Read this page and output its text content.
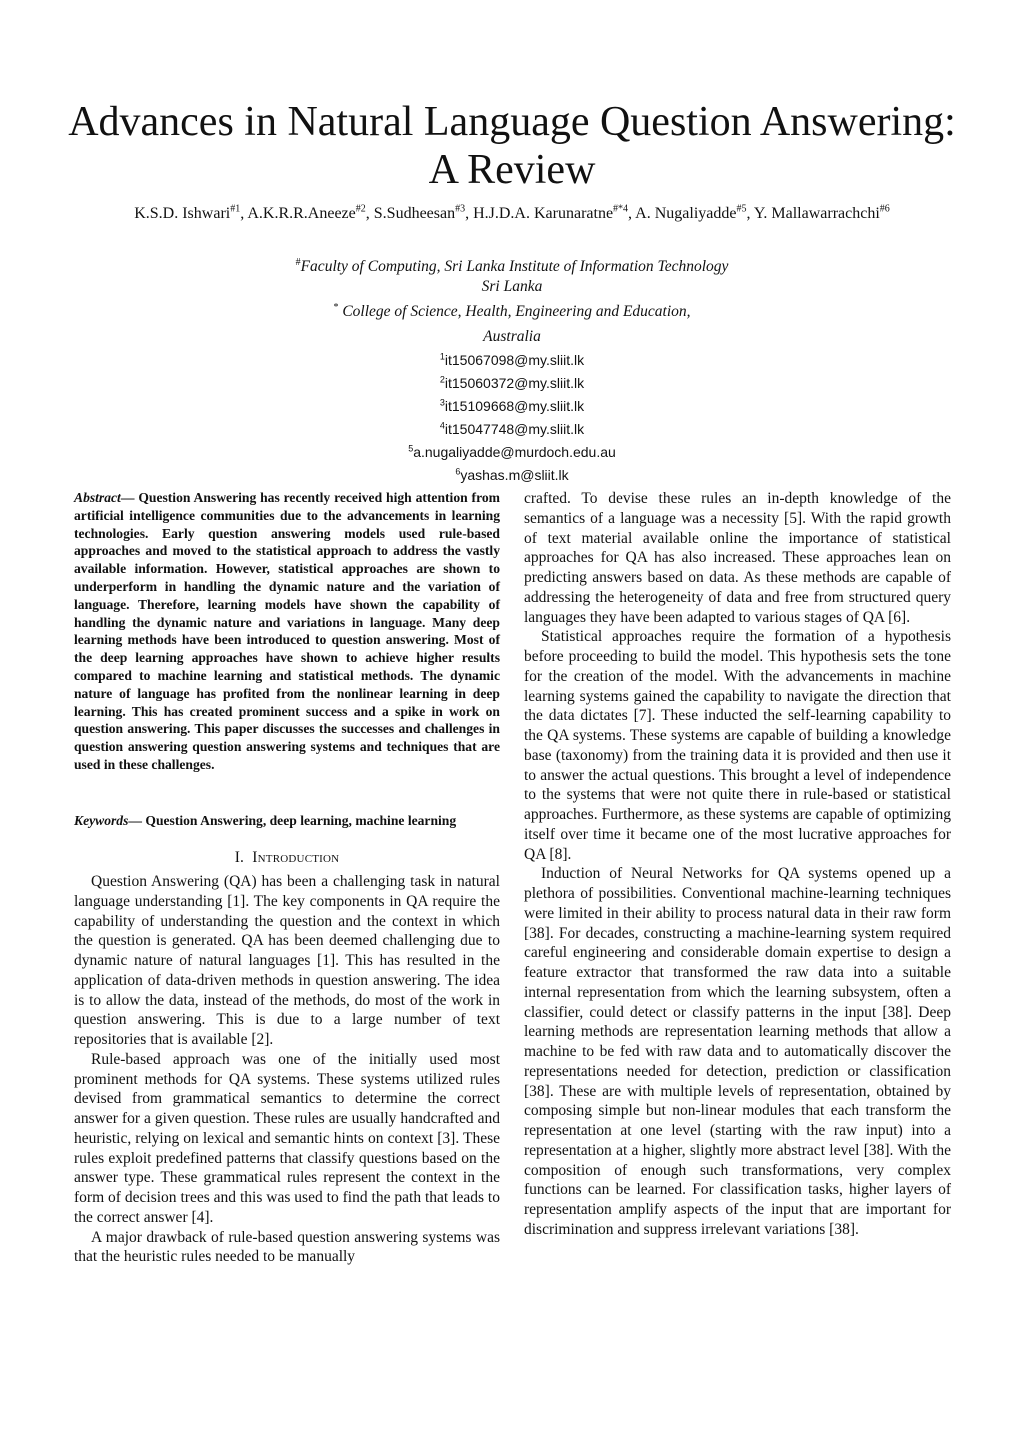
Advances in Natural Language Question Answering:
A Review

K.S.D. Ishwari$^{\#1}$, A.K.R.R.Aneeze$^{\#2}$, S.Sudheesan$^{\#3}$, H.J.D.A. Karunaratne$^{\#*4}$, A. Nugaliyadde$^{\#5}$, Y. Mallawarrachchi$^{\#6}$

#Faculty of Computing, Sri Lanka Institute of Information Technology
Sri Lanka

* College of Science, Health, Engineering and Education,

Australia

$^1$it15067098@my.sliit.lk

$^2$it15060372@my.sliit.lk

$^3$it15109668@my.sliit.lk

$^4$it15047748@my.sliit.lk

$^5$a.nugaliyadde@murdoch.edu.au

$^6$yashas.m@sliit.lk

Abstract— Question Answering has recently received high attention from artificial intelligence communities due to the advancements in learning technologies. Early question answering models used rule-based approaches and moved to the statistical approach to address the vastly available information. However, statistical approaches are shown to underperform in handling the dynamic nature and the variation of language. Therefore, learning models have shown the capability of handling the dynamic nature and variations in language. Many deep learning methods have been introduced to question answering. Most of the deep learning approaches have shown to achieve higher results compared to machine learning and statistical methods. The dynamic nature of language has profited from the nonlinear learning in deep learning. This has created prominent success and a spike in work on question answering. This paper discusses the successes and challenges in question answering question answering systems and techniques that are used in these challenges.

Keywords— Question Answering, deep learning, machine learning

I. Introduction

Question Answering (QA) has been a challenging task in natural language understanding [1]. The key components in QA require the capability of understanding the question and the context in which the question is generated. QA has been deemed challenging due to dynamic nature of natural languages [1]. This has resulted in the application of data-driven methods in question answering. The idea is to allow the data, instead of the methods, do most of the work in question answering. This is due to a large number of text repositories that is available [2].

Rule-based approach was one of the initially used most prominent methods for QA systems. These systems utilized rules devised from grammatical semantics to determine the correct answer for a given question. These rules are usually handcrafted and heuristic, relying on lexical and semantic hints on context [3]. These rules exploit predefined patterns that classify questions based on the answer type. These grammatical rules represent the context in the form of decision trees and this was used to find the path that leads to the correct answer [4].

A major drawback of rule-based question answering systems was that the heuristic rules needed to be manually

crafted. To devise these rules an in-depth knowledge of the semantics of a language was a necessity [5]. With the rapid growth of text material available online the importance of statistical approaches for QA has also increased. These approaches lean on predicting answers based on data. As these methods are capable of addressing the heterogeneity of data and free from structured query languages they have been adapted to various stages of QA [6].

Statistical approaches require the formation of a hypothesis before proceeding to build the model. This hypothesis sets the tone for the creation of the model. With the advancements in machine learning systems gained the capability to navigate the direction that the data dictates [7]. These inducted the self-learning capability to the QA systems. These systems are capable of building a knowledge base (taxonomy) from the training data it is provided and then use it to answer the actual questions. This brought a level of independence to the systems that were not quite there in rule-based or statistical approaches. Furthermore, as these systems are capable of optimizing itself over time it became one of the most lucrative approaches for QA [8].

Induction of Neural Networks for QA systems opened up a plethora of possibilities. Conventional machine-learning techniques were limited in their ability to process natural data in their raw form [38]. For decades, constructing a machine-learning system required careful engineering and considerable domain expertise to design a feature extractor that transformed the raw data into a suitable internal representation from which the learning subsystem, often a classifier, could detect or classify patterns in the input [38]. Deep learning methods are representation learning methods that allow a machine to be fed with raw data and to automatically discover the representations needed for detection, prediction or classification [38]. These are with multiple levels of representation, obtained by composing simple but non-linear modules that each transform the representation at one level (starting with the raw input) into a representation at a higher, slightly more abstract level [38]. With the composition of enough such transformations, very complex functions can be learned. For classification tasks, higher layers of representation amplify aspects of the input that are important for discrimination and suppress irrelevant variations [38].
